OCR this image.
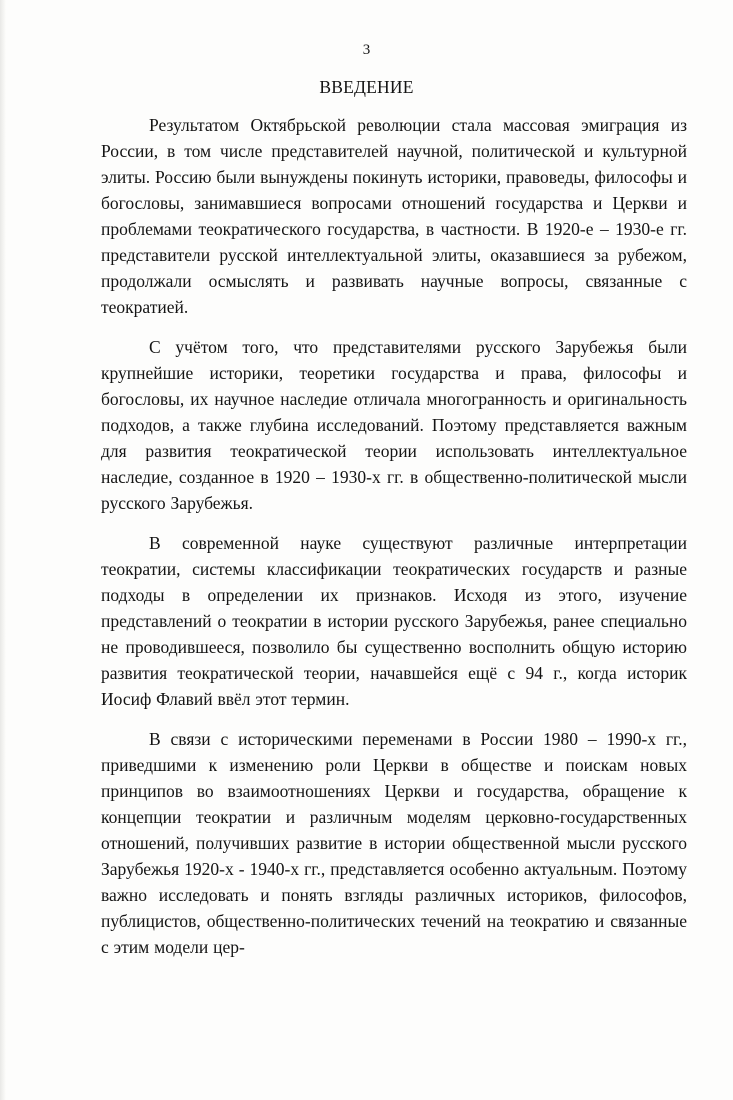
3
ВВЕДЕНИЕ

Результатом Октябрьской революции стала массовая эмиграция из России, в том числе представителей научной, политической и культурной элиты. Россию были вынуждены покинуть историки, правоведы, философы и богословы, занимавшиеся вопросами отношений государства и Церкви и проблемами теократического государства, в частности. В 1920-е – 1930-е гг. представители русской интеллектуальной элиты, оказавшиеся за рубежом, продолжали осмыслять и развивать научные вопросы, связанные с теократией.

С учётом того, что представителями русского Зарубежья были крупнейшие историки, теоретики государства и права, философы и богословы, их научное наследие отличала многогранность и оригинальность подходов, а также глубина исследований. Поэтому представляется важным для развития теократической теории использовать интеллектуальное наследие, созданное в 1920 – 1930-х гг. в общественно-политической мысли русского Зарубежья.

В современной науке существуют различные интерпретации теократии, системы классификации теократических государств и разные подходы в определении их признаков. Исходя из этого, изучение представлений о теократии в истории русского Зарубежья, ранее специально не проводившееся, позволило бы существенно восполнить общую историю развития теократической теории, начавшейся ещё с 94 г., когда историк Иосиф Флавий ввёл этот термин.

В связи с историческими переменами в России 1980 – 1990-х гг., приведшими к изменению роли Церкви в обществе и поискам новых принципов во взаимоотношениях Церкви и государства, обращение к концепции теократии и различным моделям церковно-государственных отношений, получивших развитие в истории общественной мысли русского Зарубежья 1920-х - 1940-х гг., представляется особенно актуальным. Поэтому важно исследовать и понять взгляды различных историков, философов, публицистов, общественно-политических течений на теократию и связанные с этим модели цер-
